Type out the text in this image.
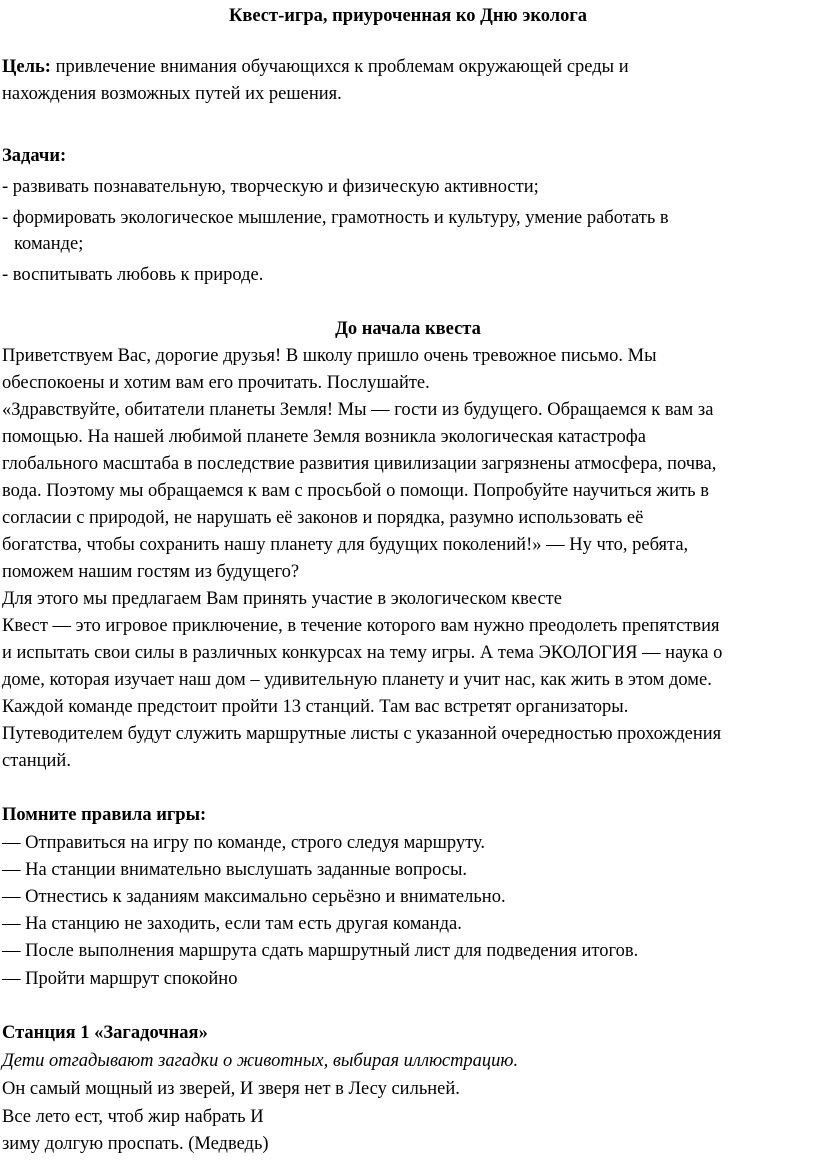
Квест-игра, приуроченная ко Дню эколога
Цель: привлечение внимания обучающихся к проблемам окружающей среды и
нахождения возможных путей их решения.
Задачи:
- развивать познавательную, творческую и физическую активности;
- формировать экологическое мышление, грамотность и культуру, умение работать в
команде;
- воспитывать любовь к природе.
До начала квеста
Приветствуем Вас, дорогие друзья! В школу пришло очень тревожное письмо. Мы
обеспокоены и хотим вам его прочитать. Послушайте.
«Здравствуйте, обитатели планеты Земля! Мы — гости из будущего. Обращаемся к вам за
помощью. На нашей любимой планете Земля возникла экологическая катастрофа
глобального масштаба в последствие развития цивилизации загрязнены атмосфера, почва,
вода. Поэтому мы обращаемся к вам с просьбой о помощи. Попробуйте научиться жить в
согласии с природой, не нарушать её законов и порядка, разумно использовать её
богатства, чтобы сохранить нашу планету для будущих поколений!» — Ну что, ребята,
поможем нашим гостям из будущего?
Для этого мы предлагаем Вам принять участие в экологическом квесте
Квест — это игровое приключение, в течение которого вам нужно преодолеть препятствия
и испытать свои силы в различных конкурсах на тему игры. А тема ЭКОЛОГИЯ — наука о
доме, которая изучает наш дом – удивительную планету и учит нас, как жить в этом доме.
Каждой команде предстоит пройти 13 станций. Там вас встретят организаторы.
Путеводителем будут служить маршрутные листы с указанной очередностью прохождения
станций.
Помните правила игры:
— Отправиться на игру по команде, строго следуя маршруту.
— На станции внимательно выслушать заданные вопросы.
— Отнестись к заданиям максимально серьёзно и внимательно.
— На станцию не заходить, если там есть другая команда.
— После выполнения маршрута сдать маршрутный лист для подведения итогов.
— Пройти маршрут спокойно
Станция 1 «Загадочная»
Дети отгадывают загадки о животных, выбирая иллюстрацию.
Он самый мощный из зверей, И зверя нет в Лесу сильней.
Все лето ест, чтоб жир набрать И
зиму долгую проспать. (Медведь)
